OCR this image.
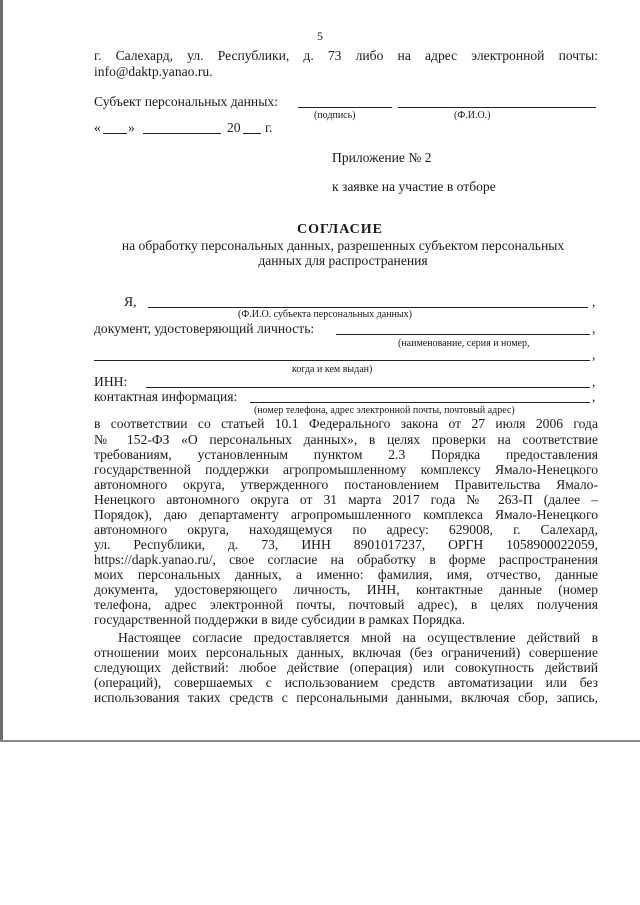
5
г. Салехард, ул. Республики, д. 73 либо на адрес электронной почты:
info@daktp.yanao.ru.
Субъект персональных данных:
(подпись)	(Ф.И.О.)
« »	20 г.
Приложение № 2
к заявке на участие в отборе
СОГЛАСИЕ
на обработку персональных данных, разрешенных субъектом персональных
данных для распространения
Я,	,
(Ф.И.О. субъекта персональных данных)
документ, удостоверяющий личность:	,
(наименование, серия и номер,
,
когда и кем выдан)
ИНН:	,
контактная информация:	,
(номер телефона, адрес электронной почты, почтовый адрес)
в соответствии со статьей 10.1 Федерального закона от 27 июля 2006 года
№ 152-ФЗ «О персональных данных», в целях проверки на соответствие
требованиям, установленным пунктом 2.3 Порядка предоставления
государственной поддержки агропромышленному комплексу Ямало-Ненецкого
автономного округа, утвержденного постановлением Правительства Ямало-
Ненецкого автономного округа от 31 марта 2017 года № 263-П (далее –
Порядок), даю департаменту агропромышленного комплекса Ямало-Ненецкого
автономного округа, находящемуся по адресу: 629008, г. Салехард,
ул. Республики, д. 73, ИНН 8901017237, ОРГН 1058900022059,
https://dapk.yanao.ru/, свое согласие на обработку в форме распространения
моих персональных данных, а именно: фамилия, имя, отчество, данные
документа, удостоверяющего личность, ИНН, контактные данные (номер
телефона, адрес электронной почты, почтовый адрес), в целях получения
государственной поддержки в виде субсидии в рамках Порядка.
Настоящее согласие предоставляется мной на осуществление действий в
отношении моих персональных данных, включая (без ограничений) совершение
следующих действий: любое действие (операция) или совокупность действий
(операций), совершаемых с использованием средств автоматизации или без
использования таких средств с персональными данными, включая сбор, запись,
